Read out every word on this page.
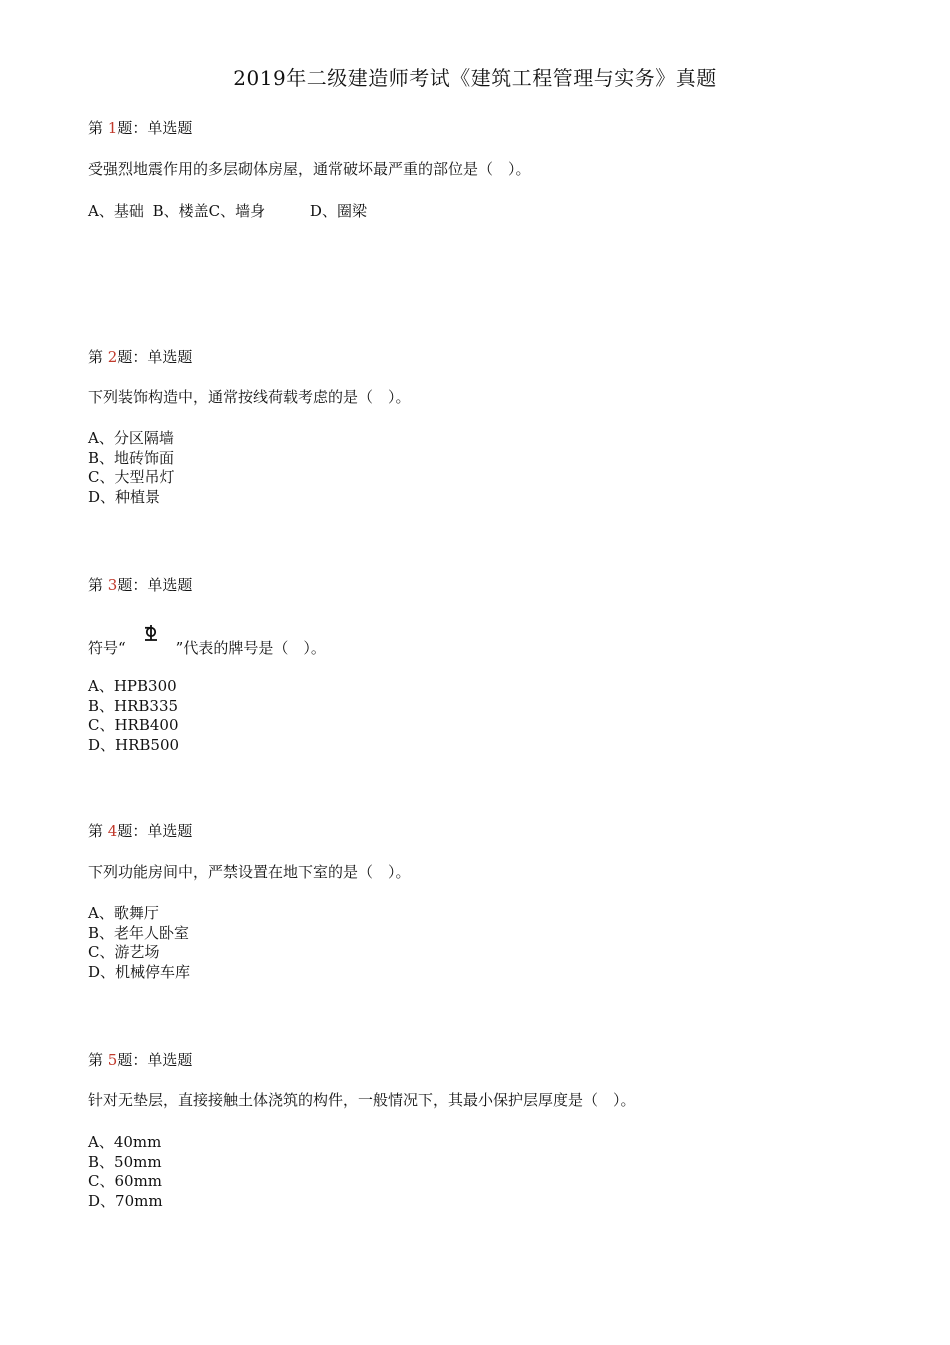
2019年二级建造师考试《建筑工程管理与实务》真题
第 1题：单选题
受强烈地震作用的多层砌体房屋，通常破坏最严重的部位是（　）。
A、基础 B、楼盖C、墙身	D、圈梁
第 2题：单选题
下列装饰构造中，通常按线荷载考虑的是（　）。
A、分区隔墙
B、地砖饰面
C、大型吊灯
D、种植景
第 3题：单选题
符号“	”代表的牌号是（　）。
A、HPB300
B、HRB335
C、HRB400
D、HRB500
第 4题：单选题
下列功能房间中，严禁设置在地下室的是（　）。
A、歌舞厅
B、老年人卧室
C、游艺场
D、机械停车库
第 5题：单选题
针对无垫层，直接接触土体浇筑的构件，一般情况下，其最小保护层厚度是（　）。
A、40mm
B、50mm
C、60mm
D、70mm
